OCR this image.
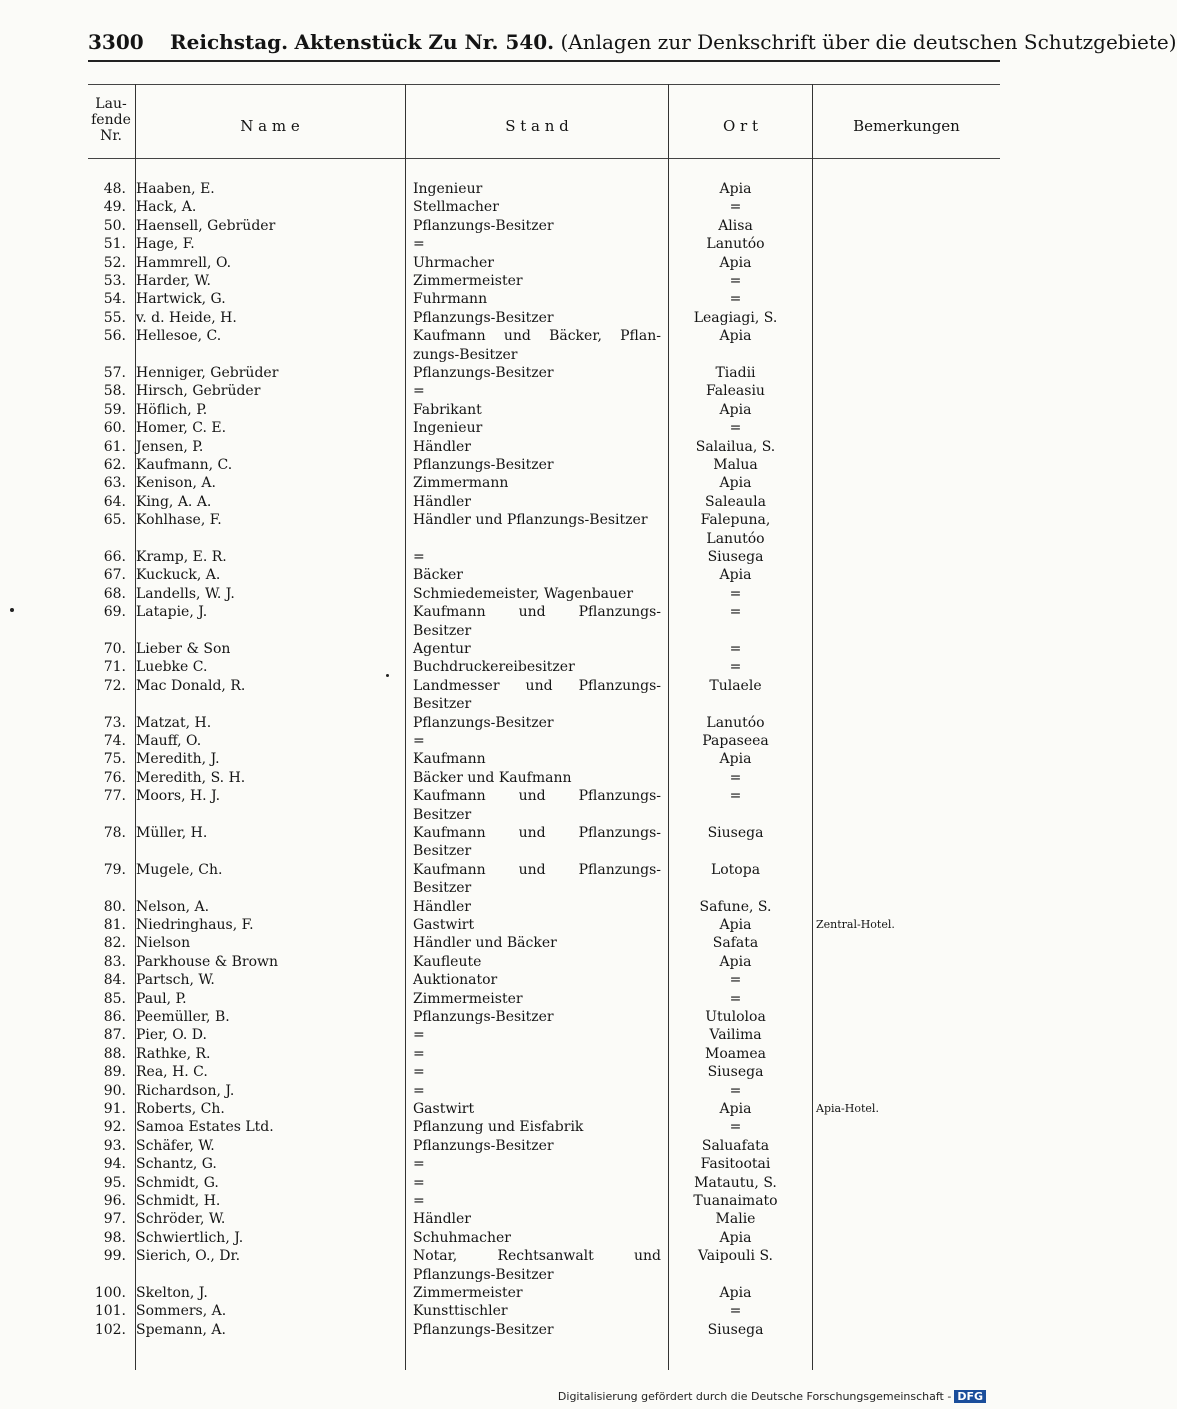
3300 Reichstag. Aktenstück Zu Nr. 540. (Anlagen zur Denkschrift über die deutschen Schutzgebiete)
Lau-
fende
Nr.
N a m e	S t a n d	O r t	Bemerkungen
48. Haaben, E.	Ingenieur	Apia
49. Hack, A.	Stellmacher	=
50. Haensell, Gebrüder	Pflanzungs-Besitzer	Alisa
51. Hage, F.	=	Lanutóo
52. Hammrell, O.	Uhrmacher	Apia
53. Harder, W.	Zimmermeister	=
54. Hartwick, G.	Fuhrmann	=
55. v. d. Heide, H.	Pflanzungs-Besitzer	Leagiagi, S.
56. Hellesoe, C.	Kaufmann und Bäcker, Pflan-	Apia
zungs-Besitzer
57. Henniger, Gebrüder	Pflanzungs-Besitzer	Tiadii
58. Hirsch, Gebrüder	=	Faleasiu
59. Höflich, P.	Fabrikant	Apia
60. Homer, C. E.	Ingenieur	=
61. Jensen, P.	Händler	Salailua, S.
62. Kaufmann, C.	Pflanzungs-Besitzer	Malua
63. Kenison, A.	Zimmermann	Apia
64. King, A. A.	Händler	Saleaula
65. Kohlhase, F.	Händler und Pflanzungs-Besitzer	Falepuna,
Lanutóo
66. Kramp, E. R.	=	Siusega
67. Kuckuck, A.	Bäcker	Apia
68. Landells, W. J.	Schmiedemeister, Wagenbauer	=
69. Latapie, J.	Kaufmann und Pflanzungs-	=
Besitzer
70. Lieber & Son	Agentur	=
71. Luebke C.	Buchdruckereibesitzer	=
72. Mac Donald, R.	Landmesser und Pflanzungs-	Tulaele
Besitzer
73. Matzat, H.	Pflanzungs-Besitzer	Lanutóo
74. Mauff, O.	=	Papaseea
75. Meredith, J.	Kaufmann	Apia
76. Meredith, S. H.	Bäcker und Kaufmann	=
77. Moors, H. J.	Kaufmann und Pflanzungs-	=
Besitzer
78. Müller, H.	Kaufmann und Pflanzungs-	Siusega
Besitzer
79. Mugele, Ch.	Kaufmann und Pflanzungs-	Lotopa
Besitzer
80. Nelson, A.	Händler	Safune, S.
81. Niedringhaus, F.	Gastwirt	Apia	Zentral-Hotel.
82. Nielson	Händler und Bäcker	Safata
83. Parkhouse & Brown	Kaufleute	Apia
84. Partsch, W.	Auktionator	=
85. Paul, P.	Zimmermeister	=
86. Peemüller, B.	Pflanzungs-Besitzer	Utuloloa
87. Pier, O. D.	=	Vailima
88. Rathke, R.	=	Moamea
89. Rea, H. C.	=	Siusega
90. Richardson, J.	=	=
91. Roberts, Ch.	Gastwirt	Apia	Apia-Hotel.
92. Samoa Estates Ltd.	Pflanzung und Eisfabrik	=
93. Schäfer, W.	Pflanzungs-Besitzer	Saluafata
94. Schantz, G.	=	Fasitootai
95. Schmidt, G.	=	Matautu, S.
96. Schmidt, H.	=	Tuanaimato
97. Schröder, W.	Händler	Malie
98. Schwiertlich, J.	Schuhmacher	Apia
99. Sierich, O., Dr.	Notar, Rechtsanwalt und	Vaipouli S.
Pflanzungs-Besitzer
100. Skelton, J.	Zimmermeister	Apia
101. Sommers, A.	Kunsttischler	=
102. Spemann, A.	Pflanzungs-Besitzer	Siusega
Digitalisierung gefördert durch die Deutsche Forschungsgemeinschaft - DFG
